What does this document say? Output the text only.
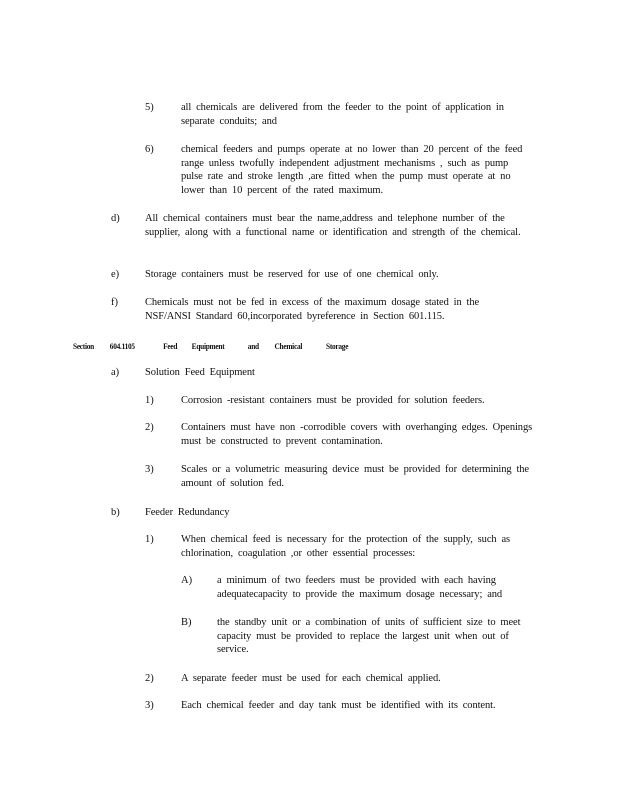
5)	all chemicals are delivered from the feeder to the point of application in separate conduits; and
6)	chemical feeders and pumps operate at no lower than 20 percent of the feed range unless twofully independent adjustment mechanisms , such as pump pulse rate and stroke length ,are fitted when the pump must operate at no lower than 10 percent of the rated maximum.
d) All chemical containers must bear the name,address and telephone number of the supplier, along with a functional name or identification and strength of the chemical.
e) Storage containers must be reserved for use of one chemical only.
f)	Chemicals must not be fed in excess of the maximum dosage stated in the NSF/ANSI Standard 60,incorporated byreference in Section 601.115.
Section 604.1105	Feed Equipment	and Chemical	Storage
a) Solution Feed Equipment
1)	Corrosion -resistant containers must be provided for solution feeders.
2)	Containers must have non -corrodible covers with overhanging edges. Openings must be constructed to prevent contamination.
3)	Scales or a volumetric measuring device must be provided for determining the amount of solution fed.
b) Feeder Redundancy
1)	When chemical feed is necessary for the protection of the supply, such as chlorination, coagulation ,or other essential processes:
A) a minimum of two feeders must be provided with each having adequatecapacity to provide the maximum dosage necessary; and
B) the standby unit or a combination of units of sufficient size to meet capacity must be provided to replace the largest unit when out of service.
2)	A separate feeder must be used for each chemical applied.
3)	Each chemical feeder and day tank must be identified with its content.
